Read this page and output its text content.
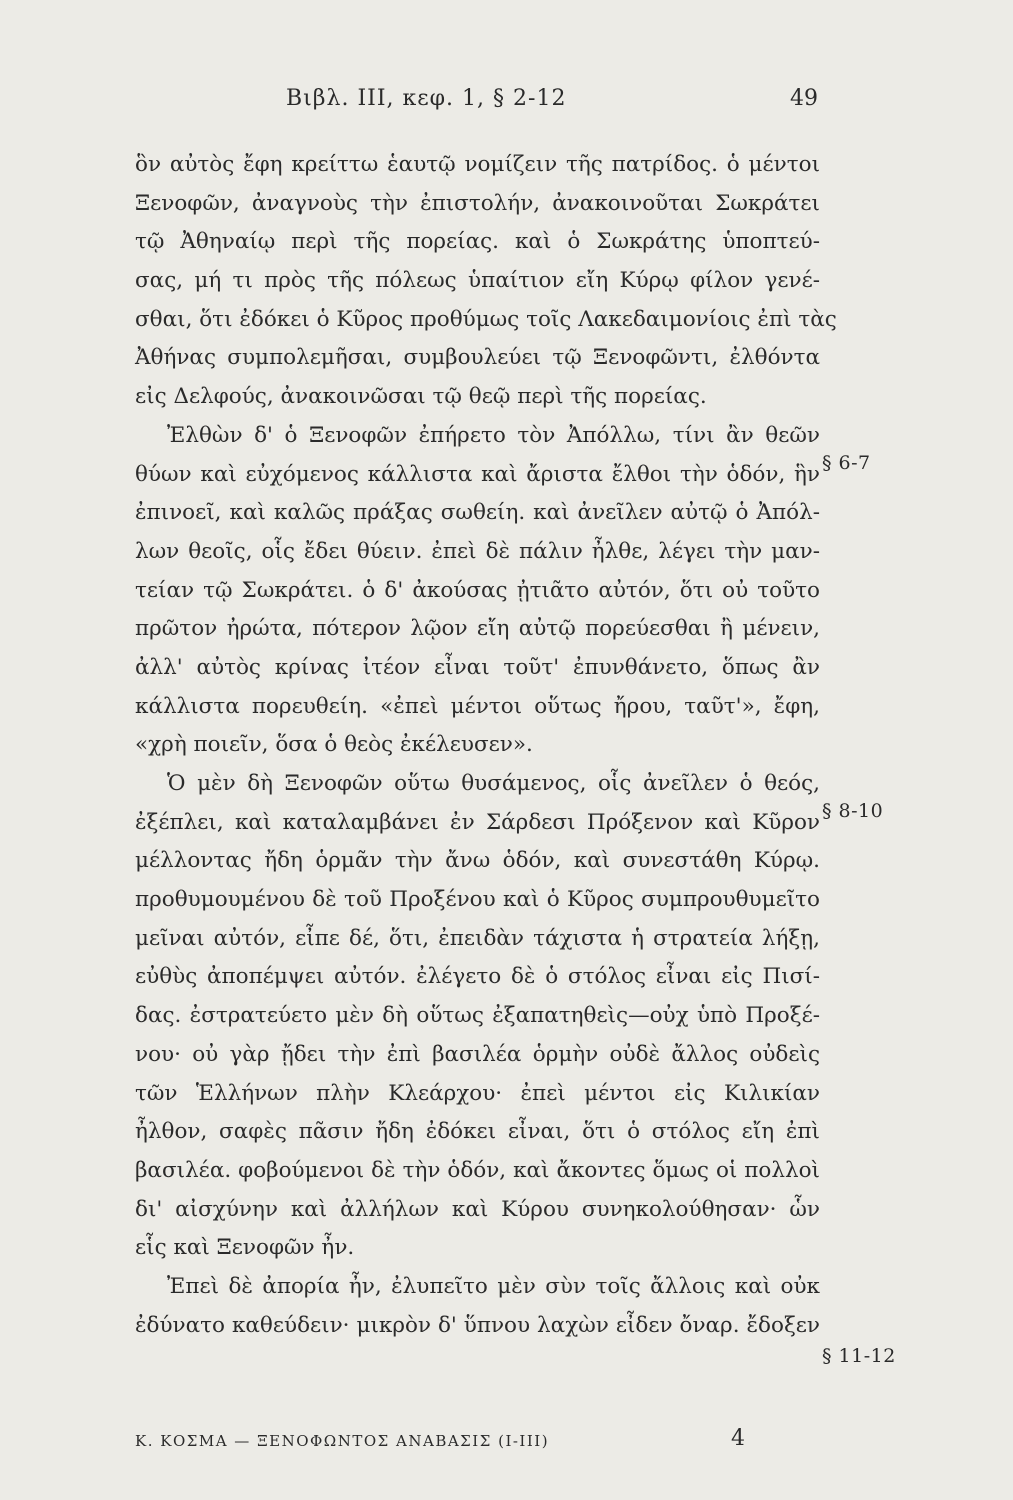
Βιβλ. ΙΙΙ, κεφ. 1, § 2-12	49
ὃν αὐτὸς ἔφη κρείττω ἑαυτῷ νομίζειν τῆς πατρίδος. ὁ μέντοι
Ξενοφῶν, ἀναγνοὺς τὴν ἐπιστολήν, ἀνακοινοῦται Σωκράτει
τῷ Ἀθηναίῳ περὶ τῆς πορείας. καὶ ὁ Σωκράτης ὑποπτεύ-
σας, μή τι πρὸς τῆς πόλεως ὑπαίτιον εἴη Κύρῳ φίλον γενέ-
σθαι, ὅτι ἐδόκει ὁ Κῦρος προθύμως τοῖς Λακεδαιμονίοις ἐπὶ τὰς
Ἀθήνας συμπολεμῆσαι, συμβουλεύει τῷ Ξενοφῶντι, ἐλθόντα
εἰς Δελφούς, ἀνακοινῶσαι τῷ θεῷ περὶ τῆς πορείας.
Ἐλθὼν δ' ὁ Ξενοφῶν ἐπήρετο τὸν Ἀπόλλω, τίνι ἂν θεῶν
θύων καὶ εὐχόμενος κάλλιστα καὶ ἄριστα ἔλθοι τὴν ὁδόν, ἣν
ἐπινοεῖ, καὶ καλῶς πράξας σωθείη. καὶ ἀνεῖλεν αὐτῷ ὁ Ἀπόλ-
λων θεοῖς, οἷς ἔδει θύειν. ἐπεὶ δὲ πάλιν ἦλθε, λέγει τὴν μαν-
τείαν τῷ Σωκράτει. ὁ δ' ἀκούσας ᾐτιᾶτο αὐτόν, ὅτι οὐ τοῦτο
πρῶτον ἠρώτα, πότερον λῷον εἴη αὐτῷ πορεύεσθαι ἢ μένειν,
ἀλλ' αὐτὸς κρίνας ἰτέον εἶναι τοῦτ' ἐπυνθάνετο, ὅπως ἂν
κάλλιστα πορευθείη. «ἐπεὶ μέντοι οὕτως ἤρου, ταῦτ'», ἔφη,
«χρὴ ποιεῖν, ὅσα ὁ θεὸς ἐκέλευσεν».
Ὁ μὲν δὴ Ξενοφῶν οὕτω θυσάμενος, οἷς ἀνεῖλεν ὁ θεός,
ἐξέπλει, καὶ καταλαμβάνει ἐν Σάρδεσι Πρόξενον καὶ Κῦρον
μέλλοντας ἤδη ὁρμᾶν τὴν ἄνω ὁδόν, καὶ συνεστάθη Κύρῳ.
προθυμουμένου δὲ τοῦ Προξένου καὶ ὁ Κῦρος συμπρουθυμεῖτο
μεῖναι αὐτόν, εἶπε δέ, ὅτι, ἐπειδὰν τάχιστα ἡ στρατεία λήξῃ,
εὐθὺς ἀποπέμψει αὐτόν. ἐλέγετο δὲ ὁ στόλος εἶναι εἰς Πισί-
δας. ἐστρατεύετο μὲν δὴ οὕτως ἐξαπατηθεὶς—οὐχ ὑπὸ Προξέ-
νου· οὐ γὰρ ᾔδει τὴν ἐπὶ βασιλέα ὁρμὴν οὐδὲ ἄλλος οὐδεὶς
τῶν Ἑλλήνων πλὴν Κλεάρχου· ἐπεὶ μέντοι εἰς Κιλικίαν
ἦλθον, σαφὲς πᾶσιν ἤδη ἐδόκει εἶναι, ὅτι ὁ στόλος εἴη ἐπὶ
βασιλέα. φοβούμενοι δὲ τὴν ὁδόν, καὶ ἄκοντες ὅμως οἱ πολλοὶ
δι' αἰσχύνην καὶ ἀλλήλων καὶ Κύρου συνηκολούθησαν· ὧν
εἷς καὶ Ξενοφῶν ἦν.
Ἐπεὶ δὲ ἀπορία ἦν, ἐλυπεῖτο μὲν σὺν τοῖς ἄλλοις καὶ οὐκ
ἐδύνατο καθεύδειν· μικρὸν δ' ὕπνου λαχὼν εἶδεν ὄναρ. ἔδοξεν
§ 6-7
§ 8-10
§ 11-12
Κ. ΚΟΣΜΑ — ΞΕΝΟΦΩΝΤΟΣ ΑΝΑΒΑΣΙΣ (Ι-ΙΙΙ)	4
